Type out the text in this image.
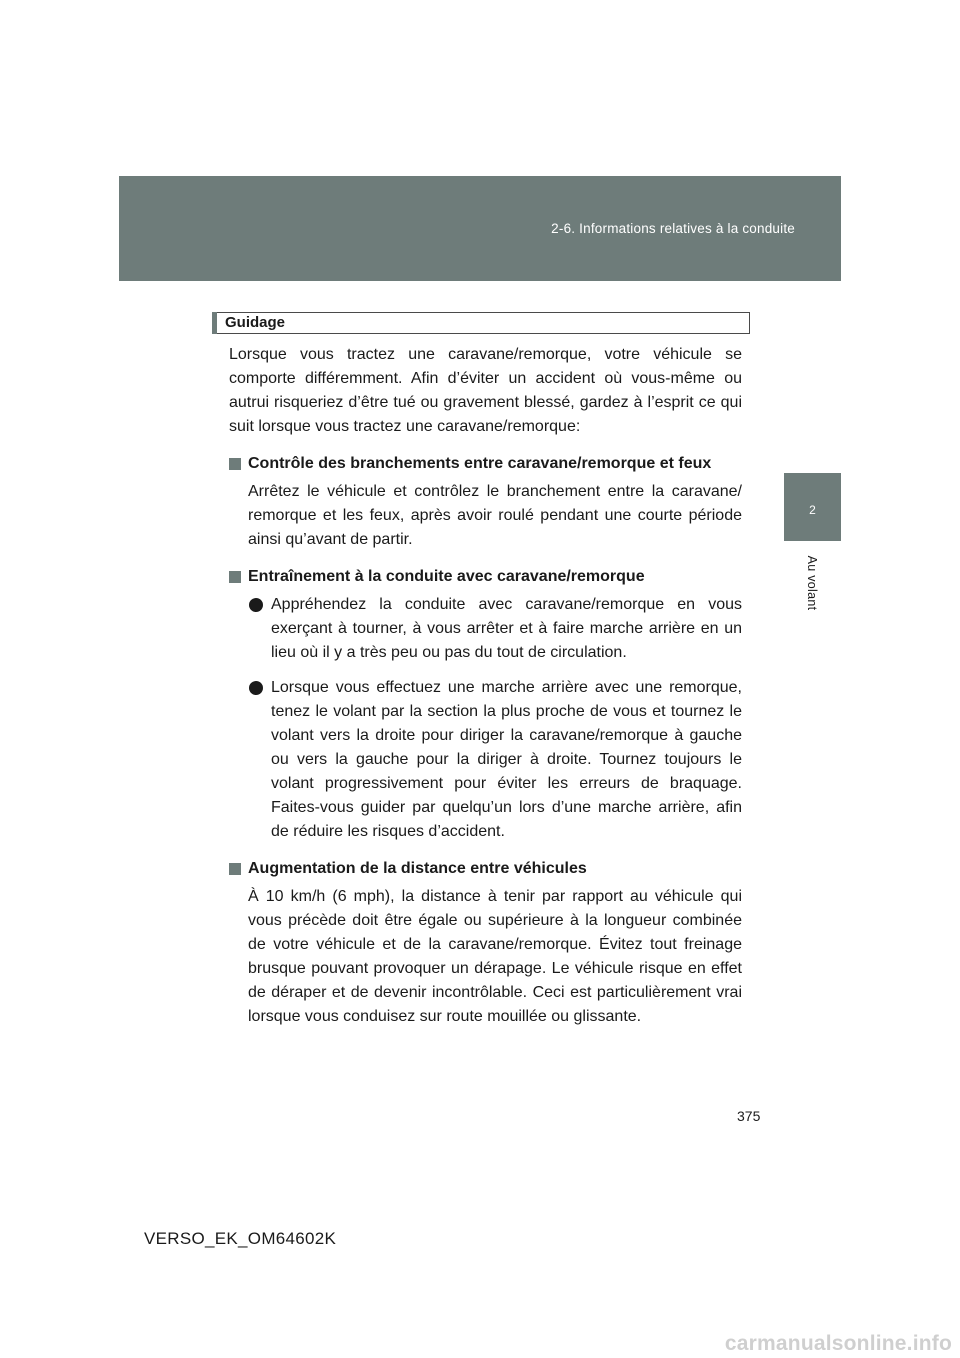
2-6. Informations relatives à la conduite
2
Au volant
Guidage
Lorsque vous tractez une caravane/remorque, votre véhicule se comporte différemment. Afin d’éviter un accident où vous-même ou autrui risqueriez d’être tué ou gravement blessé, gardez à l’esprit ce qui suit lorsque vous tractez une caravane/remorque:
Contrôle des branchements entre caravane/remorque et feux
Arrêtez le véhicule et contrôlez le branchement entre la caravane/ remorque et les feux, après avoir roulé pendant une courte période ainsi qu’avant de partir.
Entraînement à la conduite avec caravane/remorque
Appréhendez la conduite avec caravane/remorque en vous exerçant à tourner, à vous arrêter et à faire marche arrière en un lieu où il y a très peu ou pas du tout de circulation.
Lorsque vous effectuez une marche arrière avec une remorque, tenez le volant par la section la plus proche de vous et tournez le volant vers la droite pour diriger la caravane/remorque à gauche ou vers la gauche pour la diriger à droite. Tournez toujours le volant progressivement pour éviter les erreurs de braquage. Faites-vous guider par quelqu’un lors d’une marche arrière, afin de réduire les risques d’accident.
Augmentation de la distance entre véhicules
À 10 km/h (6 mph), la distance à tenir par rapport au véhicule qui vous précède doit être égale ou supérieure à la longueur combinée de votre véhicule et de la caravane/remorque. Évitez tout freinage brusque pouvant provoquer un dérapage. Le véhicule risque en effet de déraper et de devenir incontrôlable. Ceci est particulièrement vrai lorsque vous conduisez sur route mouillée ou glissante.
375
VERSO_EK_OM64602K
carmanualsonline.info
